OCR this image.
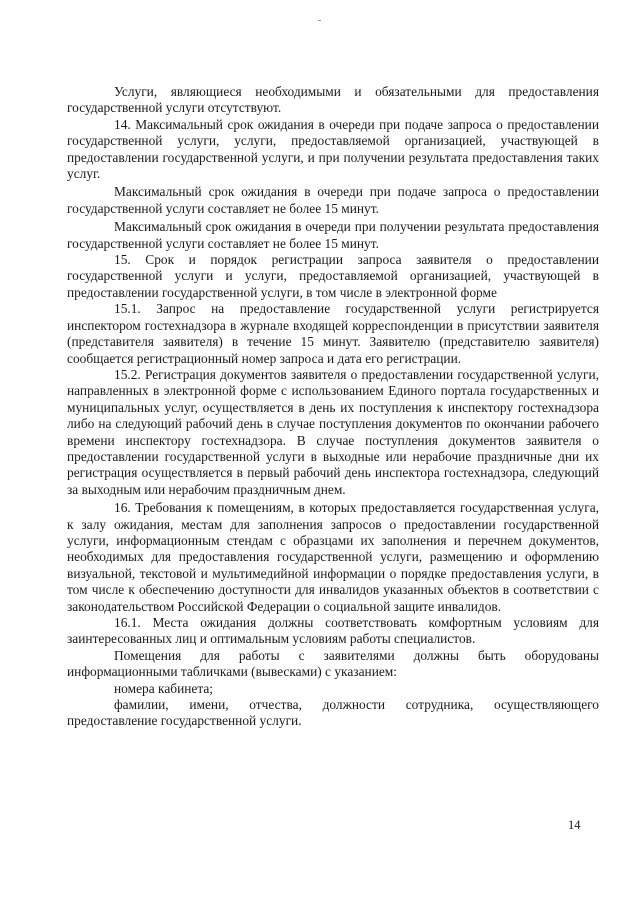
Услуги, являющиеся необходимыми и обязательными для предоставления государственной услуги отсутствуют.

14. Максимальный срок ожидания в очереди при подаче запроса о предоставлении государственной услуги, услуги, предоставляемой организацией, участвующей в предоставлении государственной услуги, и при получении результата предоставления таких услуг.

Максимальный срок ожидания в очереди при подаче запроса о предоставлении государственной услуги составляет не более 15 минут.

Максимальный срок ожидания в очереди при получении результата предоставления государственной услуги составляет не более 15 минут.

15. Срок и порядок регистрации запроса заявителя о предоставлении государственной услуги и услуги, предоставляемой организацией, участвующей в предоставлении государственной услуги, в том числе в электронной форме

15.1. Запрос на предоставление государственной услуги регистрируется инспектором гостехнадзора в журнале входящей корреспонденции в присутствии заявителя (представителя заявителя) в течение 15 минут. Заявителю (представителю заявителя) сообщается регистрационный номер запроса и дата его регистрации.

15.2. Регистрация документов заявителя о предоставлении государственной услуги, направленных в электронной форме с использованием Единого портала государственных и муниципальных услуг, осуществляется в день их поступления к инспектору гостехнадзора либо на следующий рабочий день в случае поступления документов по окончании рабочего времени инспектору гостехнадзора. В случае поступления документов заявителя о предоставлении государственной услуги в выходные или нерабочие праздничные дни их регистрация осуществляется в первый рабочий день инспектора гостехнадзора, следующий за выходным или нерабочим праздничным днем.

16. Требования к помещениям, в которых предоставляется государственная услуга, к залу ожидания, местам для заполнения запросов о предоставлении государственной услуги, информационным стендам с образцами их заполнения и перечнем документов, необходимых для предоставления государственной услуги, размещению и оформлению визуальной, текстовой и мультимедийной информации о порядке предоставления услуги, в том числе к обеспечению доступности для инвалидов указанных объектов в соответствии с законодательством Российской Федерации о социальной защите инвалидов.

16.1. Места ожидания должны соответствовать комфортным условиям для заинтересованных лиц и оптимальным условиям работы специалистов.

Помещения для работы с заявителями должны быть оборудованы информационными табличками (вывесками) с указанием:

номера кабинета;

фамилии, имени, отчества, должности сотрудника, осуществляющего предоставление государственной услуги.

14
